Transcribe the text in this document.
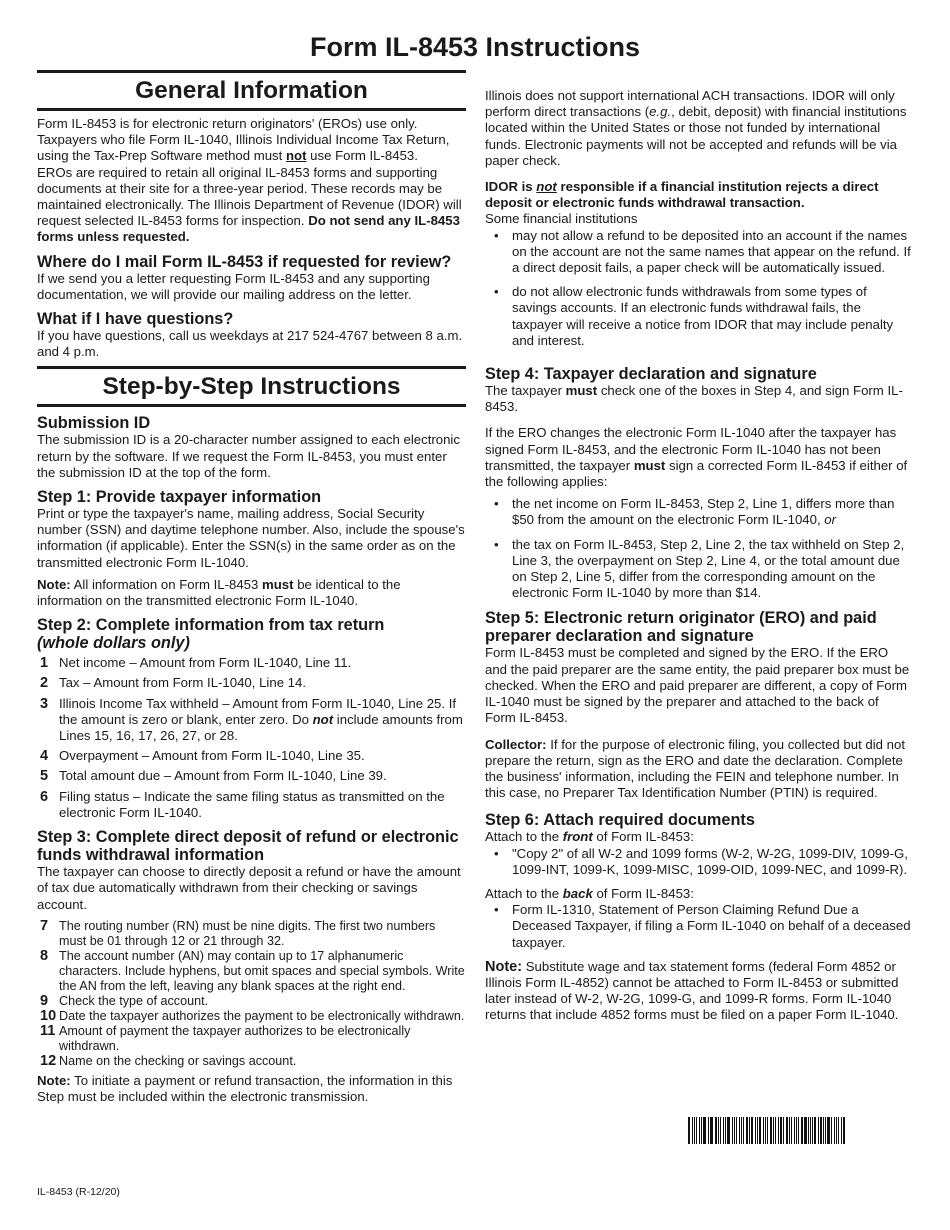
Form IL-8453 Instructions
General Information

Form IL-8453 is for electronic return originators' (EROs) use only. Taxpayers who file Form IL-1040, Illinois Individual Income Tax Return, using the Tax-Prep Software method must not use Form IL-8453.

EROs are required to retain all original IL-8453 forms and supporting documents at their site for a three-year period. These records may be maintained electronically. The Illinois Department of Revenue (IDOR) will request selected IL-8453 forms for inspection. Do not send any IL-8453 forms unless requested.

Where do I mail Form IL-8453 if requested for review?

If we send you a letter requesting Form IL-8453 and any supporting documentation, we will provide our mailing address on the letter.

What if I have questions?

If you have questions, call us weekdays at 217 524-4767 between 8 a.m. and 4 p.m.

Step-by-Step Instructions
Submission ID

The submission ID is a 20-character number assigned to each electronic return by the software. If we request the Form IL-8453, you must enter the submission ID at the top of the form.

Step 1: Provide taxpayer information

Print or type the taxpayer's name, mailing address, Social Security number (SSN) and daytime telephone number. Also, include the spouse's information (if applicable). Enter the SSN(s) in the same order as on the transmitted electronic Form IL-1040.

Note: All information on Form IL-8453 must be identical to the information on the transmitted electronic Form IL-1040.

Step 2: Complete information from tax return
(whole dollars only)
1 Net income – Amount from Form IL-1040, Line 11.
2 Tax – Amount from Form IL-1040, Line 14.
3 Illinois Income Tax withheld – Amount from Form IL-1040, Line 25. If the amount is zero or blank, enter zero. Do not include amounts from Lines 15, 16, 17, 26, 27, or 28.
4 Overpayment – Amount from Form IL-1040, Line 35.
5 Total amount due – Amount from Form IL-1040, Line 39.
6 Filing status – Indicate the same filing status as transmitted on the electronic Form IL-1040.
Step 3: Complete direct deposit of refund or electronic funds withdrawal information

The taxpayer can choose to directly deposit a refund or have the amount of tax due automatically withdrawn from their checking or savings account.

7 The routing number (RN) must be nine digits. The first two numbers must be 01 through 12 or 21 through 32.
8 The account number (AN) may contain up to 17 alphanumeric characters. Include hyphens, but omit spaces and special symbols. Write the AN from the left, leaving any blank spaces at the right end.
9 Check the type of account.
10 Date the taxpayer authorizes the payment to be electronically withdrawn.
11 Amount of payment the taxpayer authorizes to be electronically withdrawn.
12 Name on the checking or savings account.

Note: To initiate a payment or refund transaction, the information in this Step must be included within the electronic transmission.

Illinois does not support international ACH transactions. IDOR will only perform direct transactions (e.g., debit, deposit) with financial institutions located within the United States or those not funded by international funds. Electronic payments will not be accepted and refunds will be via paper check.

IDOR is not responsible if a financial institution rejects a direct deposit or electronic funds withdrawal transaction.

Some financial institutions

•	may not allow a refund to be deposited into an account if the names on the account are not the same names that appear on the refund. If a direct deposit fails, a paper check will be automatically issued.
•	do not allow electronic funds withdrawals from some types of savings accounts. If an electronic funds withdrawal fails, the taxpayer will receive a notice from IDOR that may include penalty and interest.
Step 4: Taxpayer declaration and signature

The taxpayer must check one of the boxes in Step 4, and sign Form IL-8453.

If the ERO changes the electronic Form IL-1040 after the taxpayer has signed Form IL-8453, and the electronic Form IL-1040 has not been transmitted, the taxpayer must sign a corrected Form IL-8453 if either of the following applies:

•	the net income on Form IL-8453, Step 2, Line 1, differs more than $50 from the amount on the electronic Form IL-1040, or
•	the tax on Form IL-8453, Step 2, Line 2, the tax withheld on Step 2, Line 3, the overpayment on Step 2, Line 4, or the total amount due on Step 2, Line 5, differ from the corresponding amount on the electronic Form IL-1040 by more than $14.
Step 5: Electronic return originator (ERO) and paid preparer declaration and signature

Form IL-8453 must be completed and signed by the ERO. If the ERO and the paid preparer are the same entity, the paid preparer box must be checked. When the ERO and paid preparer are different, a copy of Form IL-1040 must be signed by the preparer and attached to the back of Form IL-8453.

Collector: If for the purpose of electronic filing, you collected but did not prepare the return, sign as the ERO and date the declaration. Complete the business' information, including the FEIN and telephone number. In this case, no Preparer Tax Identification Number (PTIN) is required.

Step 6: Attach required documents

Attach to the front of Form IL-8453:

•	"Copy 2" of all W-2 and 1099 forms (W-2, W-2G, 1099-DIV, 1099-G, 1099-INT, 1099-K, 1099-MISC, 1099-OID, 1099-NEC, and 1099-R).

Attach to the back of Form IL-8453:

•	Form IL-1310, Statement of Person Claiming Refund Due a Deceased Taxpayer, if filing a Form IL-1040 on behalf of a deceased taxpayer.

Note: Substitute wage and tax statement forms (federal Form 4852 or Illinois Form IL-4852) cannot be attached to Form IL-8453 or submitted later instead of W-2, W-2G, 1099-G, and 1099-R forms. Form IL-1040 returns that include 4852 forms must be filed on a paper Form IL-1040.

IL-8453 (R-12/20)
